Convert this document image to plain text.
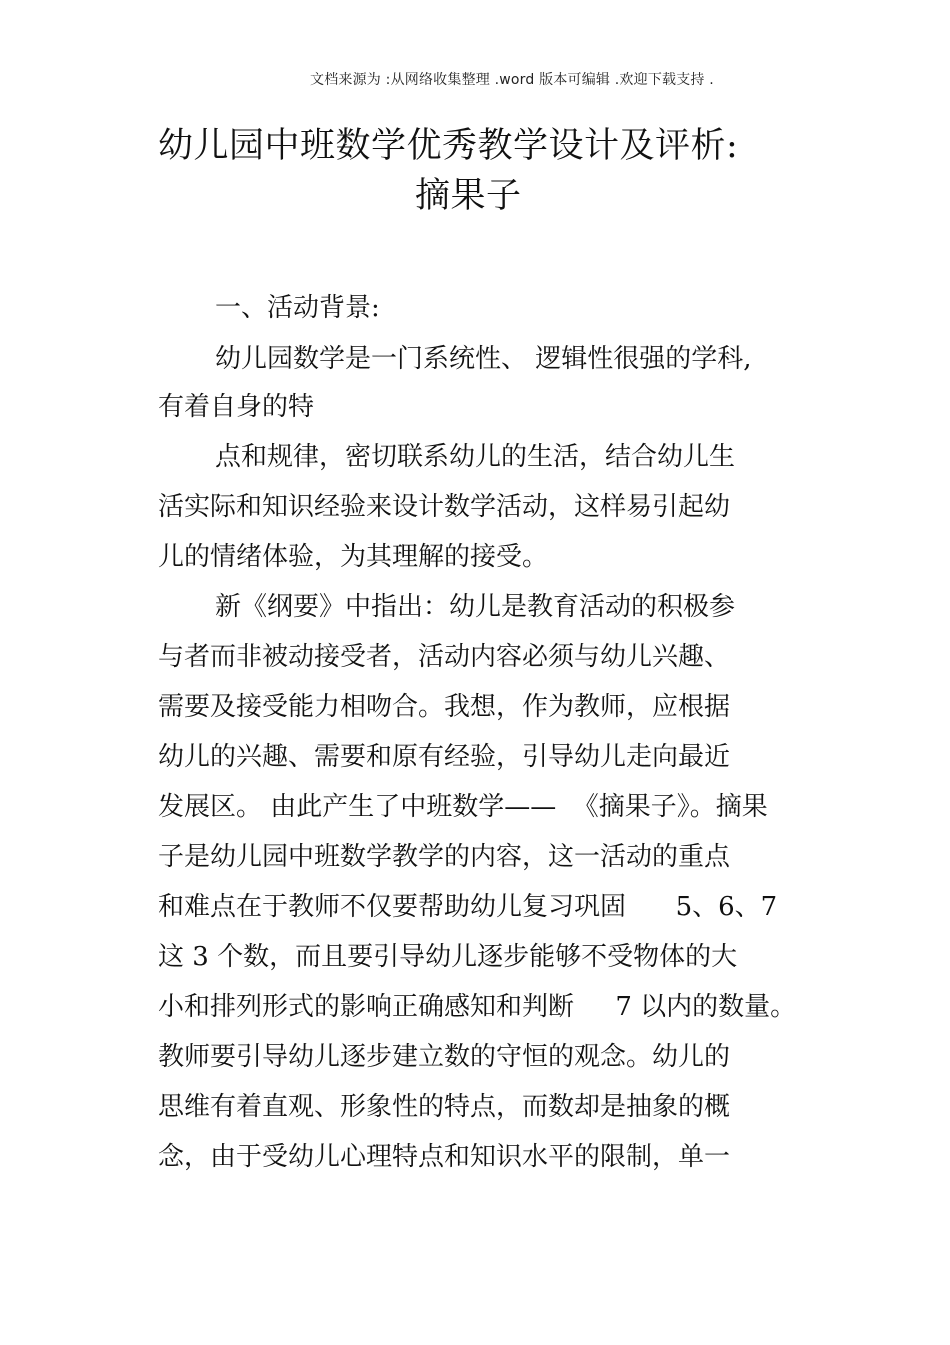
文档来源为 :从网络收集整理 .word 版本可编辑 .欢迎下载支持 .
幼儿园中班数学优秀教学设计及评析:
摘果子
一、活动背景:
幼儿园数学是一门系统性、 逻辑性很强的学科,
有着自身的特
点和规律，密切联系幼儿的生活，结合幼儿生
活实际和知识经验来设计数学活动，这样易引起幼
儿的情绪体验，为其理解的接受。
新《纲要》中指出：幼儿是教育活动的积极参
与者而非被动接受者，活动内容必须与幼儿兴趣、
需要及接受能力相吻合。我想，作为教师，应根据
幼儿的兴趣、需要和原有经验，引导幼儿走向最近
发展区。 由此产生了中班数学——  《摘果子》。摘果
子是幼儿园中班数学教学的内容，这一活动的重点
和难点在于教师不仅要帮助幼儿复习巩固      5、6、7
这 3 个数，而且要引导幼儿逐步能够不受物体的大
小和排列形式的影响正确感知和判断     7 以内的数量。
教师要引导幼儿逐步建立数的守恒的观念。幼儿的
思维有着直观、形象性的特点，而数却是抽象的概
念，由于受幼儿心理特点和知识水平的限制，单一
